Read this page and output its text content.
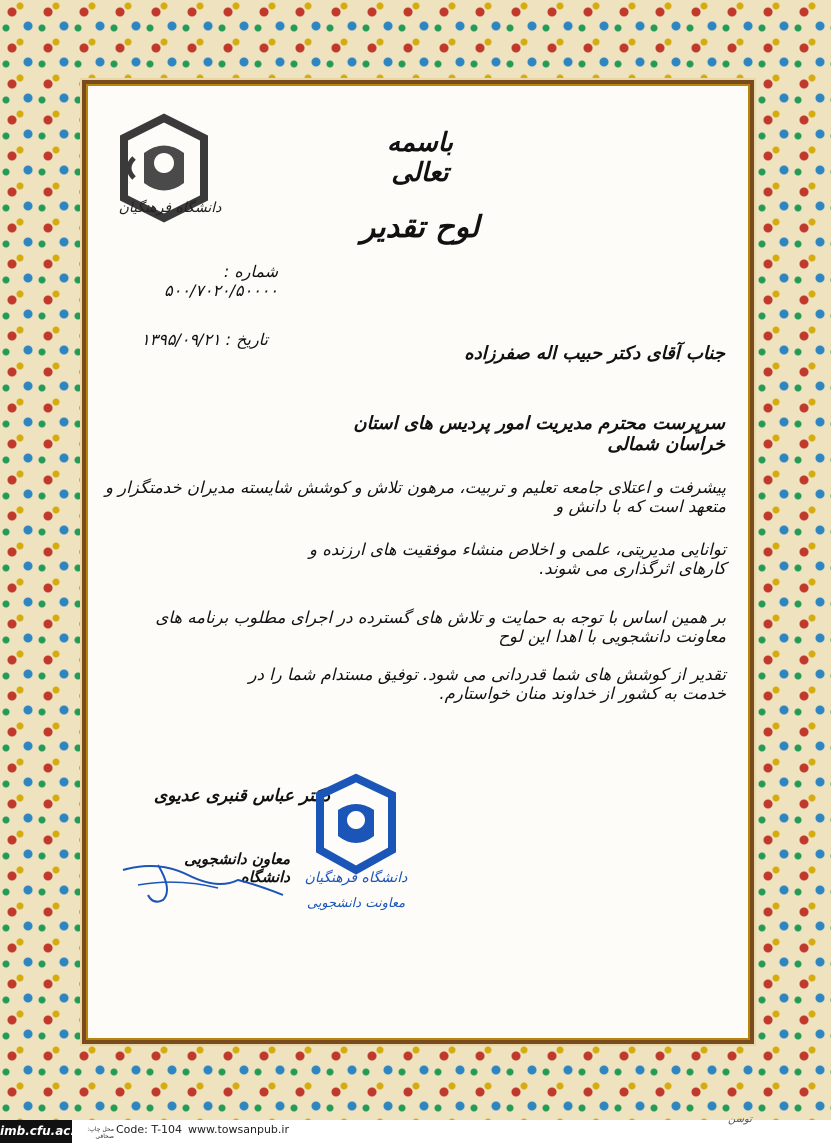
دانشگاه فرهنگیان
باسمه تعالی
لوح تقدیر
شماره : ۵۰۰/۷۰۲۰/۵۰۰۰۰
تاریخ : ۱۳۹۵/۰۹/۲۱
جناب آقای دکتر حبیب اله صفرزاده
سرپرست محترم مدیریت امور پردیس های استان خراسان شمالی
پیشرفت و اعتلای جامعه تعلیم و تربیت، مرهون تلاش و کوشش شایسته مدیران خدمتگزار و متعهد است که با دانش و
توانایی مدیریتی، علمی و اخلاص منشاء موفقیت های ارزنده و کارهای اثرگذاری می شوند.
بر همین اساس با توجه به حمایت و تلاش های گسترده در اجرای مطلوب برنامه های معاونت دانشجویی با اهدا این لوح
تقدیر از کوشش های شما قدردانی می شود. توفیق مستدام شما را در خدمت به کشور از خداوند منان خواستارم.
دکتر عباس قنبری عدیوی
معاون دانشجویی دانشگاه	دانشگاه فرهنگیان
معاونت دانشجویی
imb.cfu.ac.ir محل چاپ: صحافی
Code: T-104 www.towsanpub.ir
توسن
